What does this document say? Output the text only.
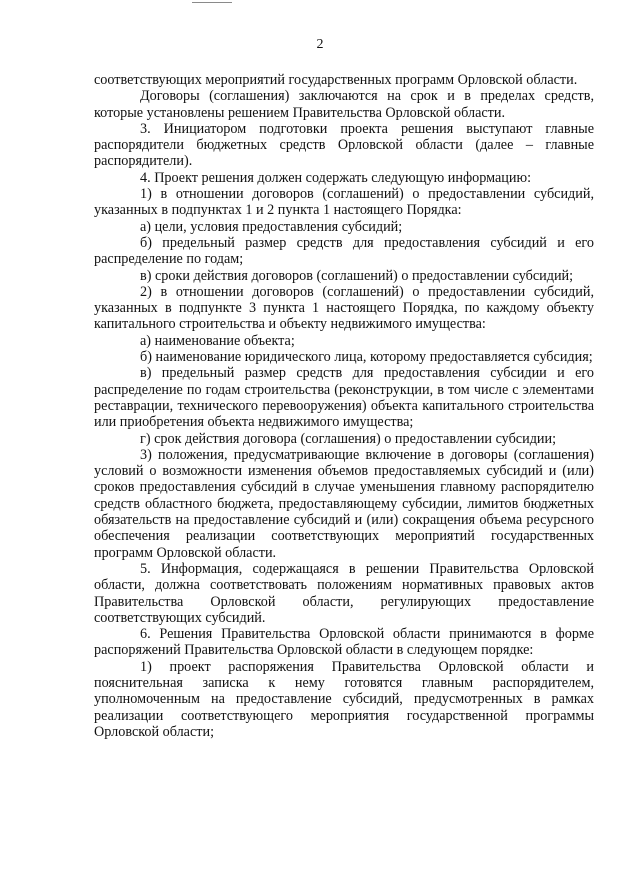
2

соответствующих мероприятий государственных программ Орловской области.

Договоры (соглашения) заключаются на срок и в пределах средств, которые установлены решением Правительства Орловской области.

3. Инициатором подготовки проекта решения выступают главные распорядители бюджетных средств Орловской области (далее – главные распорядители).

4. Проект решения должен содержать следующую информацию:

1) в отношении договоров (соглашений) о предоставлении субсидий, указанных в подпунктах 1 и 2 пункта 1 настоящего Порядка:

а) цели, условия предоставления субсидий;

б) предельный размер средств для предоставления субсидий и его распределение по годам;

в) сроки действия договоров (соглашений) о предоставлении субсидий;

2) в отношении договоров (соглашений) о предоставлении субсидий, указанных в подпункте 3 пункта 1 настоящего Порядка, по каждому объекту капитального строительства и объекту недвижимого имущества:

а) наименование объекта;

б) наименование юридического лица, которому предоставляется субсидия;

в) предельный размер средств для предоставления субсидии и его распределение по годам строительства (реконструкции, в том числе с элементами реставрации, технического перевооружения) объекта капитального строительства или приобретения объекта недвижимого имущества;

г) срок действия договора (соглашения) о предоставлении субсидии;

3) положения, предусматривающие включение в договоры (соглашения) условий о возможности изменения объемов предоставляемых субсидий и (или) сроков предоставления субсидий в случае уменьшения главному распорядителю средств областного бюджета, предоставляющему субсидии, лимитов бюджетных обязательств на предоставление субсидий и (или) сокращения объема ресурсного обеспечения реализации соответствующих мероприятий государственных программ Орловской области.

5. Информация, содержащаяся в решении Правительства Орловской области, должна соответствовать положениям нормативных правовых актов Правительства Орловской области, регулирующих предоставление соответствующих субсидий.

6. Решения Правительства Орловской области принимаются в форме распоряжений Правительства Орловской области в следующем порядке:

1) проект распоряжения Правительства Орловской области и пояснительная записка к нему готовятся главным распорядителем, уполномоченным на предоставление субсидий, предусмотренных в рамках реализации соответствующего мероприятия государственной программы Орловской области;
